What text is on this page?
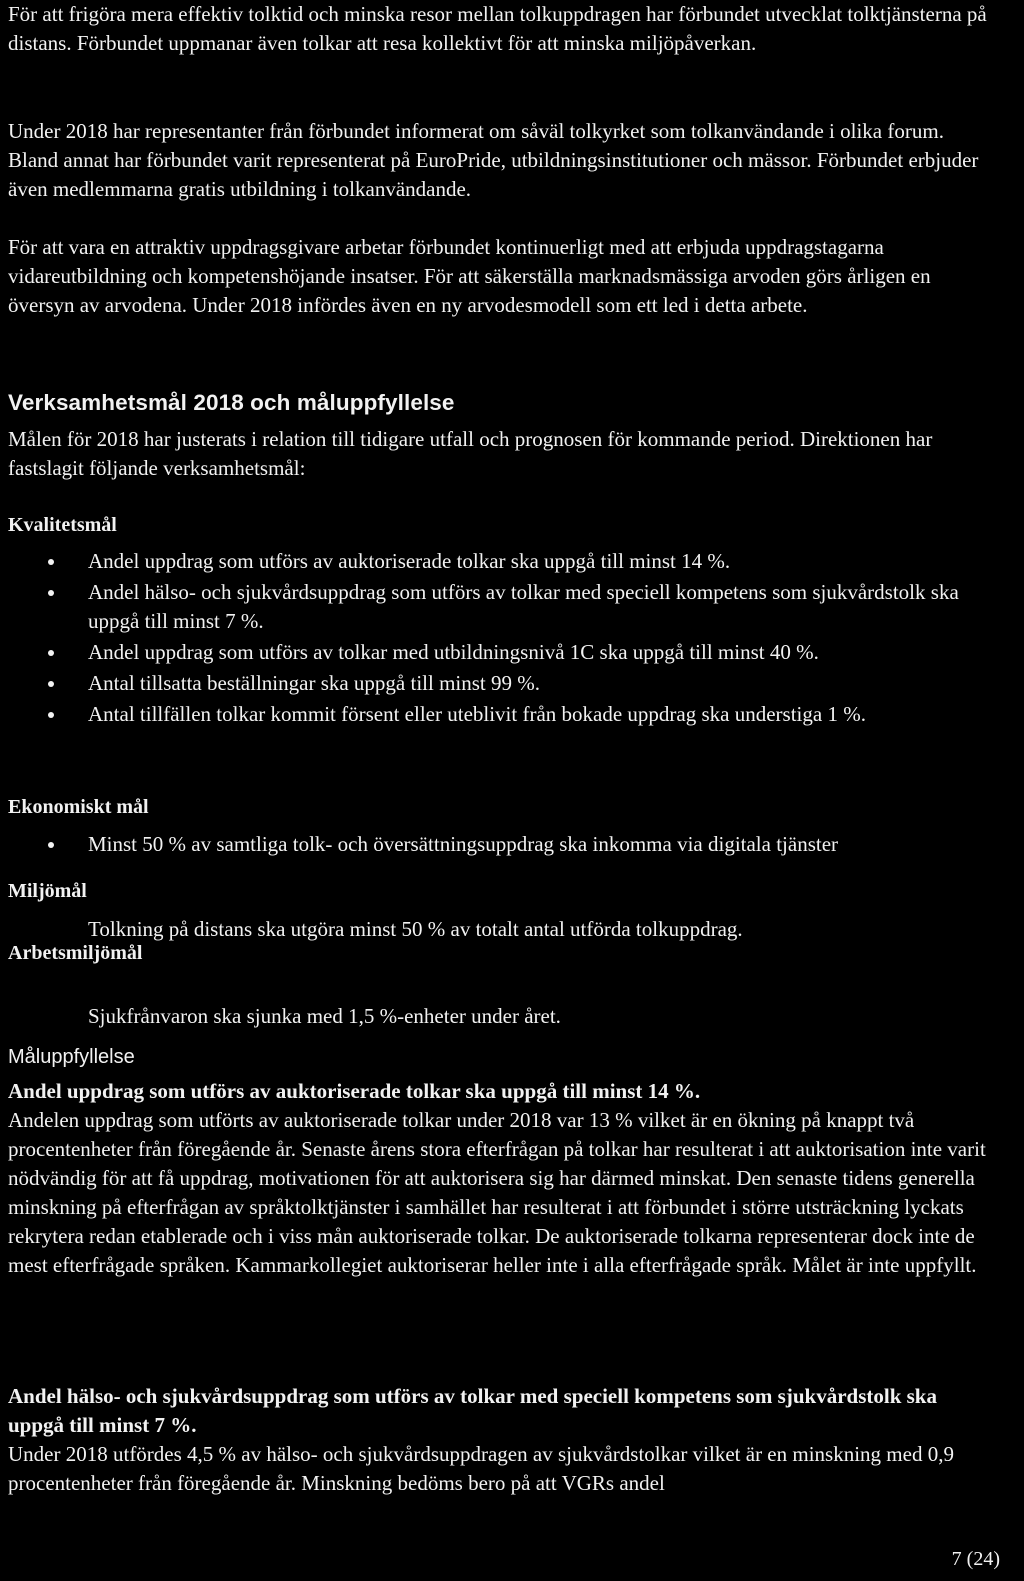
För att frigöra mera effektiv tolktid och minska resor mellan tolkuppdragen har förbundet utvecklat tolktjänsterna på distans. Förbundet uppmanar även tolkar att resa kollektivt för att minska miljöpåverkan.

Under 2018 har representanter från förbundet informerat om såväl tolkyrket som tolkanvändande i olika forum. Bland annat har förbundet varit representerat på EuroPride, utbildningsinstitutioner och mässor. Förbundet erbjuder även medlemmarna gratis utbildning i tolkanvändande.

För att vara en attraktiv uppdragsgivare arbetar förbundet kontinuerligt med att erbjuda uppdragstagarna vidareutbildning och kompetenshöjande insatser. För att säkerställa marknadsmässiga arvoden görs årligen en översyn av arvodena. Under 2018 infördes även en ny arvodesmodell som ett led i detta arbete.

Verksamhetsmål 2018 och måluppfyllelse

Målen för 2018 har justerats i relation till tidigare utfall och prognosen för kommande period. Direktionen har fastslagit följande verksamhetsmål:

Kvalitetsmål
Andel uppdrag som utförs av auktoriserade tolkar ska uppgå till minst 14 %.
Andel hälso- och sjukvårdsuppdrag som utförs av tolkar med speciell kompetens som sjukvårdstolk ska uppgå till minst 7 %.
Andel uppdrag som utförs av tolkar med utbildningsnivå 1C ska uppgå till minst 40 %.
Antal tillsatta beställningar ska uppgå till minst 99 %.
Antal tillfällen tolkar kommit försent eller uteblivit från bokade uppdrag ska understiga 1 %.
Ekonomiskt mål
Minst 50 % av samtliga tolk- och översättningsuppdrag ska inkomma via digitala tjänster
Miljömål
Tolkning på distans ska utgöra minst 50 % av totalt antal utförda tolkuppdrag.
Arbetsmiljömål
Sjukfrånvaron ska sjunka med 1,5 %-enheter under året.
Måluppfyllelse
Andel uppdrag som utförs av auktoriserade tolkar ska uppgå till minst 14 %.

Andelen uppdrag som utförts av auktoriserade tolkar under 2018 var 13 % vilket är en ökning på knappt två procentenheter från föregående år. Senaste årens stora efterfrågan på tolkar har resulterat i att auktorisation inte varit nödvändig för att få uppdrag, motivationen för att auktorisera sig har därmed minskat. Den senaste tidens generella minskning på efterfrågan av språktolktjänster i samhället har resulterat i att förbundet i större utsträckning lyckats rekrytera redan etablerade och i viss mån auktoriserade tolkar. De auktoriserade tolkarna representerar dock inte de mest efterfrågade språken. Kammarkollegiet auktoriserar heller inte i alla efterfrågade språk. Målet är inte uppfyllt.

Andel hälso- och sjukvårdsuppdrag som utförs av tolkar med speciell kompetens som sjukvårdstolk ska uppgå till minst 7 %.

Under 2018 utfördes 4,5 % av hälso- och sjukvårdsuppdragen av sjukvårdstolkar vilket är en minskning med 0,9 procentenheter från föregående år. Minskning bedöms bero på att VGRs andel

7 (24)
